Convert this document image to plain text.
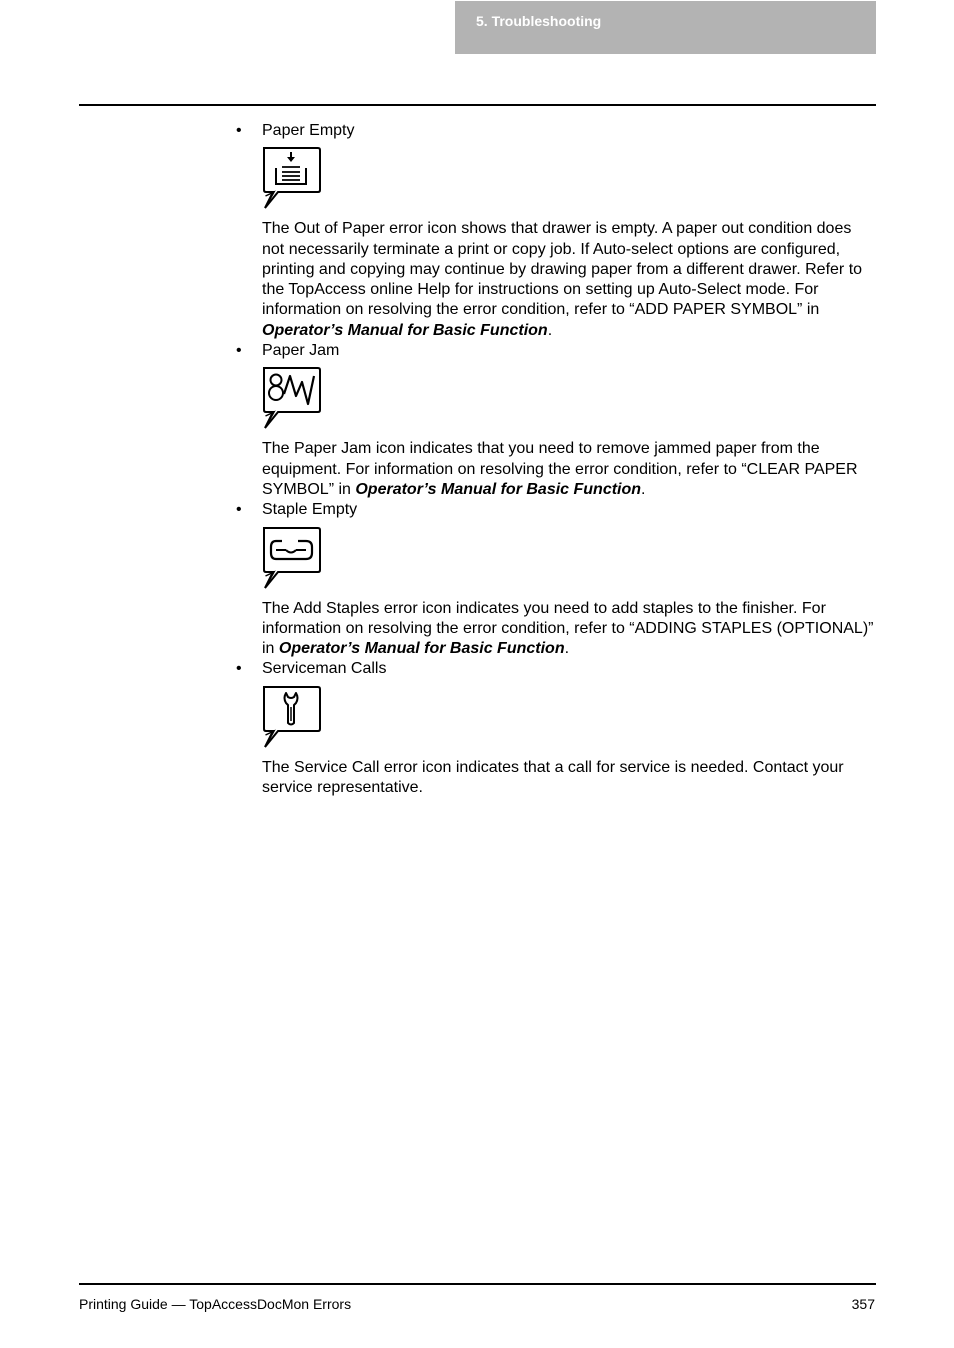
5. Troubleshooting
• Paper Empty
The Out of Paper error icon shows that drawer is empty. A paper out condition does not necessarily terminate a print or copy job. If Auto-select options are configured, printing and copying may continue by drawing paper from a different drawer. Refer to the TopAccess online Help for instructions on setting up Auto-Select mode. For information on resolving the error condition, refer to “ADD PAPER SYMBOL” in Operator’s Manual for Basic Function.
• Paper Jam
The Paper Jam icon indicates that you need to remove jammed paper from the equipment. For information on resolving the error condition, refer to “CLEAR PAPER SYMBOL” in Operator’s Manual for Basic Function.
• Staple Empty
The Add Staples error icon indicates you need to add staples to the finisher. For information on resolving the error condition, refer to “ADDING STAPLES (OPTIONAL)” in Operator’s Manual for Basic Function.
• Serviceman Calls
The Service Call error icon indicates that a call for service is needed. Contact your service representative.
Printing Guide — TopAccessDocMon Errors	357
